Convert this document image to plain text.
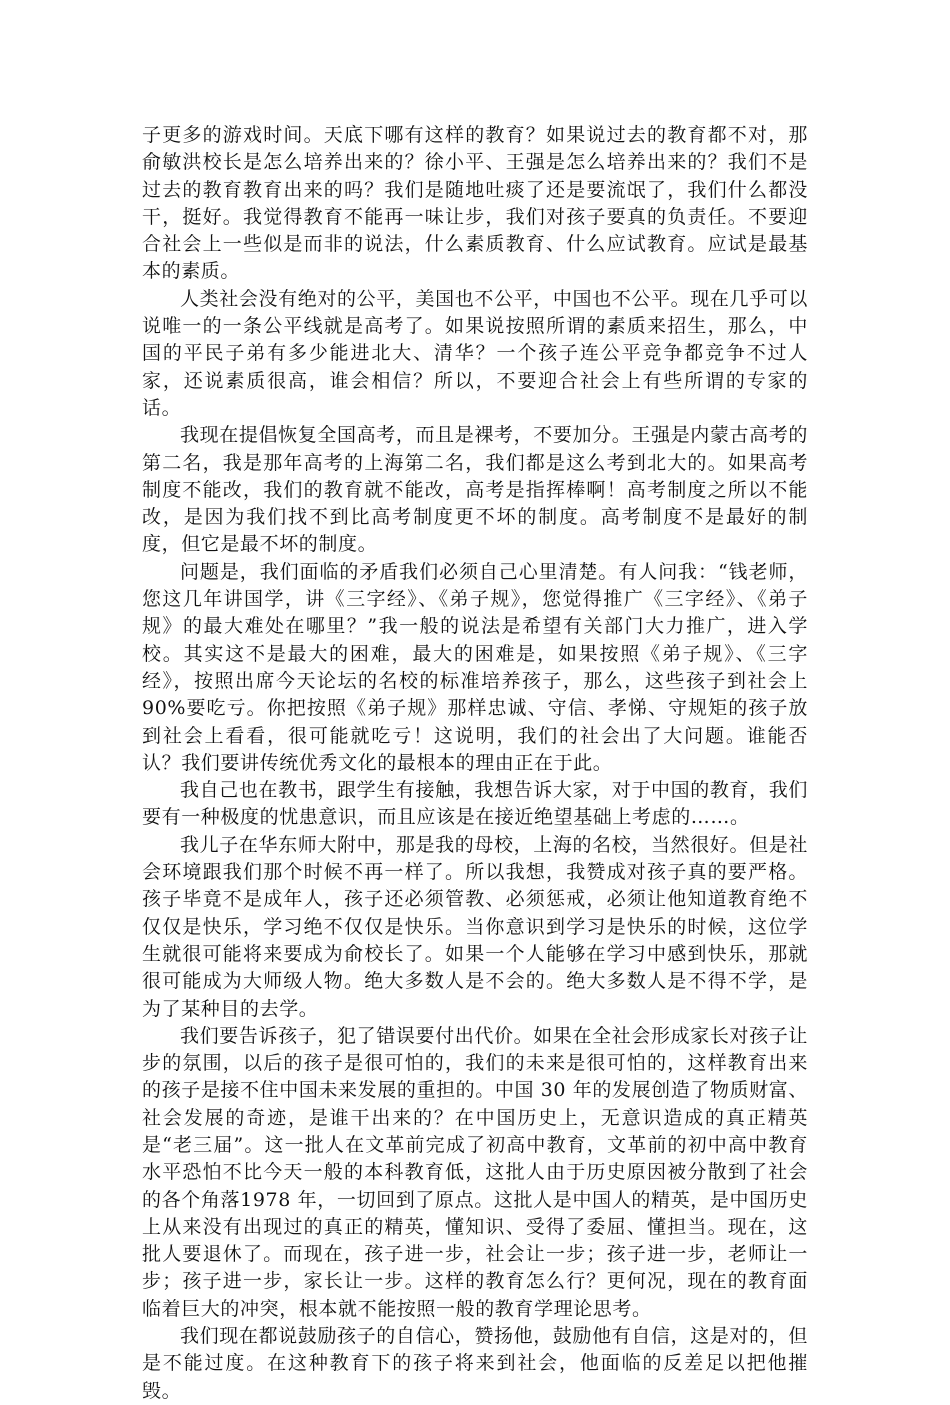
子更多的游戏时间。天底下哪有这样的教育？如果说过去的教育都不对，那俞敏洪校长是怎么培养出来的？徐小平、王强是怎么培养出来的？我们不是过去的教育教育出来的吗？我们是随地吐痰了还是要流氓了，我们什么都没干，挺好。我觉得教育不能再一味让步，我们对孩子要真的负责任。不要迎合社会上一些似是而非的说法，什么素质教育、什么应试教育。应试是最基本的素质。

人类社会没有绝对的公平，美国也不公平，中国也不公平。现在几乎可以说唯一的一条公平线就是高考了。如果说按照所谓的素质来招生，那么，中国的平民子弟有多少能进北大、清华？一个孩子连公平竞争都竞争不过人家，还说素质很高，谁会相信？所以，不要迎合社会上有些所谓的专家的话。

我现在提倡恢复全国高考，而且是裸考，不要加分。王强是内蒙古高考的第二名，我是那年高考的上海第二名，我们都是这么考到北大的。如果高考制度不能改，我们的教育就不能改，高考是指挥棒啊！高考制度之所以不能改，是因为我们找不到比高考制度更不坏的制度。高考制度不是最好的制度，但它是最不坏的制度。

问题是，我们面临的矛盾我们必须自己心里清楚。有人问我：“钱老师，您这几年讲国学，讲《三字经》、《弟子规》，您觉得推广《三字经》、《弟子规》的最大难处在哪里？”我一般的说法是希望有关部门大力推广，进入学校。其实这不是最大的困难，最大的困难是，如果按照《弟子规》、《三字经》，按照出席今天论坛的名校的标准培养孩子，那么，这些孩子到社会上90%要吃亏。你把按照《弟子规》那样忠诚、守信、孝悌、守规矩的孩子放到社会上看看，很可能就吃亏！这说明，我们的社会出了大问题。谁能否认？我们要讲传统优秀文化的最根本的理由正在于此。

我自己也在教书，跟学生有接触，我想告诉大家，对于中国的教育，我们要有一种极度的忧患意识，而且应该是在接近绝望基础上考虑的……。

我儿子在华东师大附中，那是我的母校，上海的名校，当然很好。但是社会环境跟我们那个时候不再一样了。所以我想，我赞成对孩子真的要严格。孩子毕竟不是成年人，孩子还必须管教、必须惩戒，必须让他知道教育绝不仅仅是快乐，学习绝不仅仅是快乐。当你意识到学习是快乐的时候，这位学生就很可能将来要成为俞校长了。如果一个人能够在学习中感到快乐，那就很可能成为大师级人物。绝大多数人是不会的。绝大多数人是不得不学，是为了某种目的去学。

我们要告诉孩子，犯了错误要付出代价。如果在全社会形成家长对孩子让步的氛围，以后的孩子是很可怕的，我们的未来是很可怕的，这样教育出来的孩子是接不住中国未来发展的重担的。中国 30 年的发展创造了物质财富、社会发展的奇迹，是谁干出来的？在中国历史上，无意识造成的真正精英是“老三届”。这一批人在文革前完成了初高中教育，文革前的初中高中教育水平恐怕不比今天一般的本科教育低，这批人由于历史原因被分散到了社会的各个角落1978 年，一切回到了原点。这批人是中国人的精英，是中国历史上从来没有出现过的真正的精英，懂知识、受得了委屈、懂担当。现在，这批人要退休了。而现在，孩子进一步，社会让一步；孩子进一步，老师让一步；孩子进一步，家长让一步。这样的教育怎么行？更何况，现在的教育面临着巨大的冲突，根本就不能按照一般的教育学理论思考。

我们现在都说鼓励孩子的自信心，赞扬他，鼓励他有自信，这是对的，但是不能过度。在这种教育下的孩子将来到社会，他面临的反差足以把他摧毁。
